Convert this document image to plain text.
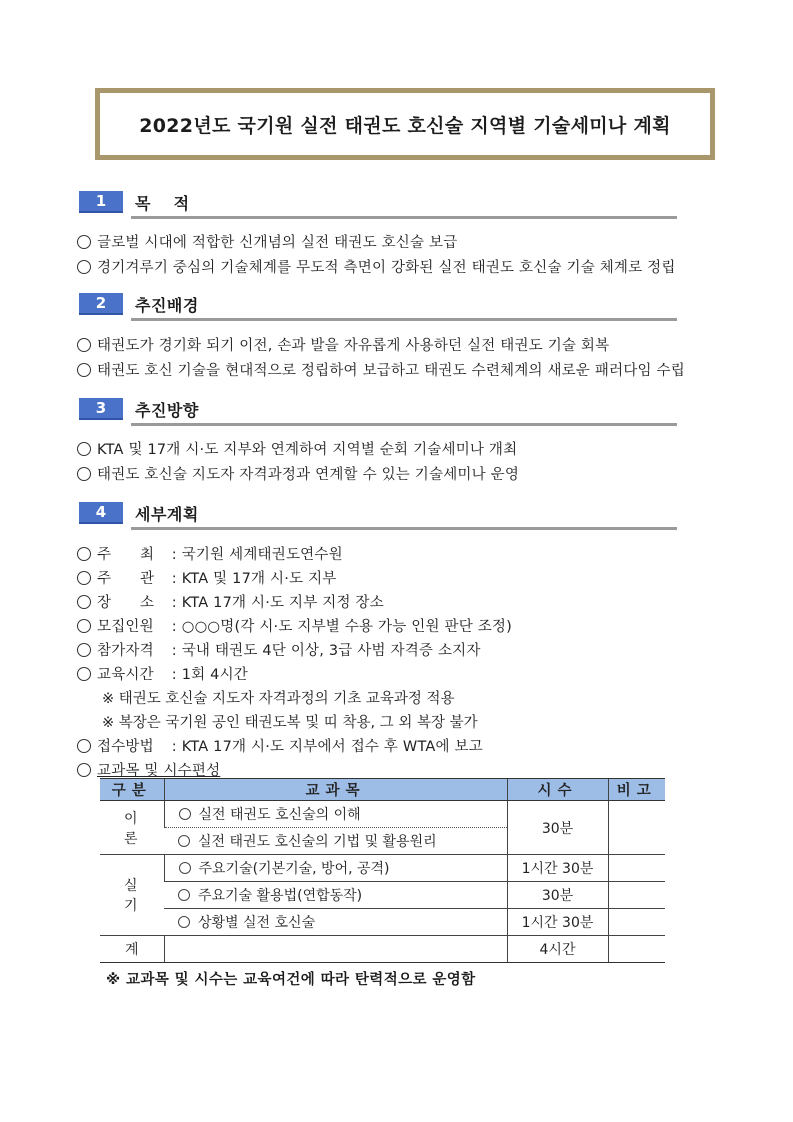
2022년도 국기원 실전 태권도 호신술 지역별 기술세미나 계획
1	목  적
글로벌 시대에 적합한 신개념의 실전 태권도 호신술 보급
경기겨루기 중심의 기술체계를 무도적 측면이 강화된 실전 태권도 호신술 기술 체계로 정립
2	추진배경
태권도가 경기화 되기 이전, 손과 발을 자유롭게 사용하던 실전 태권도 기술 회복
태권도 호신 기술을 현대적으로 정립하여 보급하고 태권도 수련체계의 새로운 패러다임 수립
3	추진방향
KTA 및 17개 시·도 지부와 연계하여 지역별 순회 기술세미나 개최
태권도 호신술 지도자 자격과정과 연계할 수 있는 기술세미나 운영
4	세부계획
주      최 : 국기원 세계태권도연수원
주      관 : KTA 및 17개 시·도 지부
장      소 : KTA 17개 시·도 지부 지정 장소
모집인원 : ○○○명(각 시·도 지부별 수용 가능 인원 판단 조정)
참가자격 : 국내 태권도 4단 이상, 3급 사범 자격증 소지자
교육시간 : 1회 4시간
※ 태권도 호신술 지도자 자격과정의 기초 교육과정 적용
※ 복장은 국기원 공인 태권도복 및 띠 착용, 그 외 복장 불가
접수방법 : KTA 17개 시·도 지부에서 접수 후 WTA에 보고
교과목 및 시수편성
구분	교과목	시수	비고
이론	실전 태권도 호신술의 이해	30분	
	실전 태권도 호신술의 기법 및 활용원리		
실기	주요기술(기본기술, 방어, 공격)	1시간 30분	
	주요기술 활용법(연합동작)	30분	
	상황별 실전 호신술	1시간 30분	
계		4시간	
※ 교과목 및 시수는 교육여건에 따라 탄력적으로 운영함
